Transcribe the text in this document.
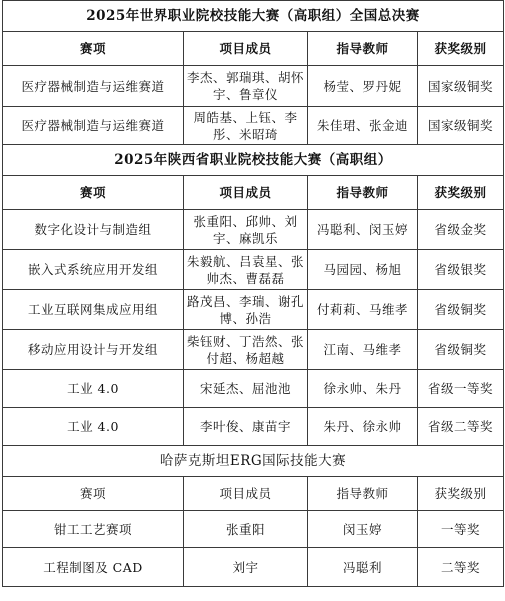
2025年世界职业院校技能大赛（高职组）全国总决赛			
赛项	项目成员	指导教师	获奖级别
医疗器械制造与运维赛道	李杰、郭瑞琪、胡怀宇、鲁章仪	杨莹、罗丹妮	国家级铜奖
医疗器械制造与运维赛道	周皓基、上钰、李彤、米昭琦	朱佳珺、张金迪	国家级铜奖
2025年陕西省职业院校技能大赛（高职组）			
赛项	项目成员	指导教师	获奖级别
数字化设计与制造组	张重阳、邱帅、刘宇、麻凯乐	冯聪利、闵玉婷	省级金奖
嵌入式系统应用开发组	朱毅航、吕袁星、张帅杰、曹磊磊	马园园、杨旭	省级银奖
工业互联网集成应用组	路茂昌、李瑞、谢孔博、孙浩	付莉莉、马维孝	省级铜奖
移动应用设计与开发组	柴钰财、丁浩然、张付超、杨超越	江南、马维孝	省级铜奖
工业 4.0	宋延杰、屈池池	徐永帅、朱丹	省级一等奖
工业 4.0	李叶俊、康苗宇	朱丹、徐永帅	省级二等奖
哈萨克斯坦ERG国际技能大赛			
赛项	项目成员	指导教师	获奖级别
钳工工艺赛项	张重阳	闵玉婷	一等奖
工程制图及 CAD	刘宇	冯聪利	二等奖
